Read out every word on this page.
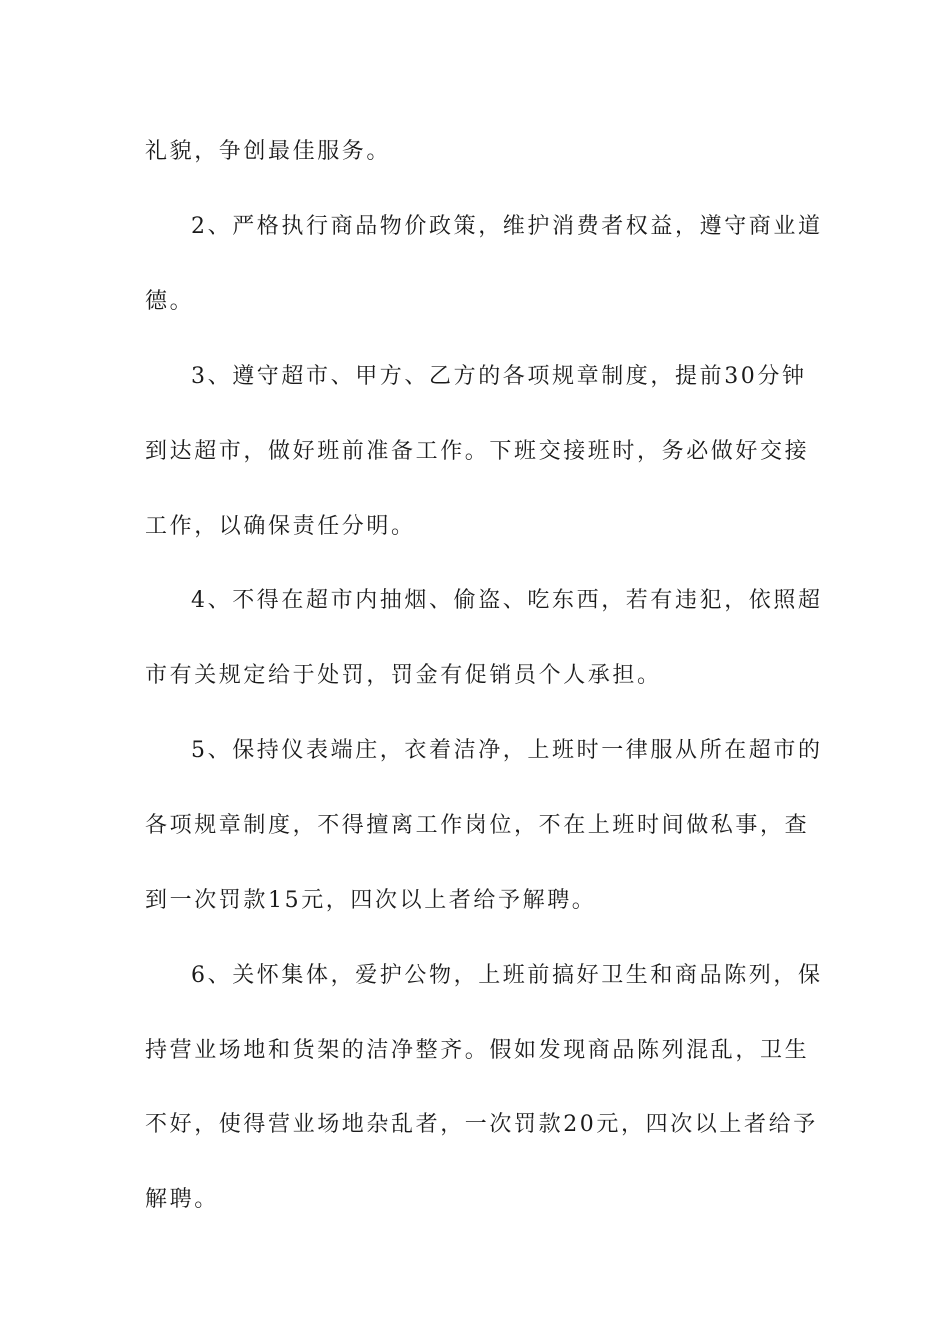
礼貌，争创最佳服务。
2、严格执行商品物价政策，维护消费者权益，遵守商业道
德。
3、遵守超市、甲方、乙方的各项规章制度，提前30分钟
到达超市，做好班前准备工作。下班交接班时，务必做好交接
工作，以确保责任分明。
4、不得在超市内抽烟、偷盗、吃东西，若有违犯，依照超
市有关规定给于处罚，罚金有促销员个人承担。
5、保持仪表端庄，衣着洁净，上班时一律服从所在超市的
各项规章制度，不得擅离工作岗位，不在上班时间做私事，查
到一次罚款15元，四次以上者给予解聘。
6、关怀集体，爱护公物，上班前搞好卫生和商品陈列，保
持营业场地和货架的洁净整齐。假如发现商品陈列混乱，卫生
不好，使得营业场地杂乱者，一次罚款20元，四次以上者给予
解聘。
